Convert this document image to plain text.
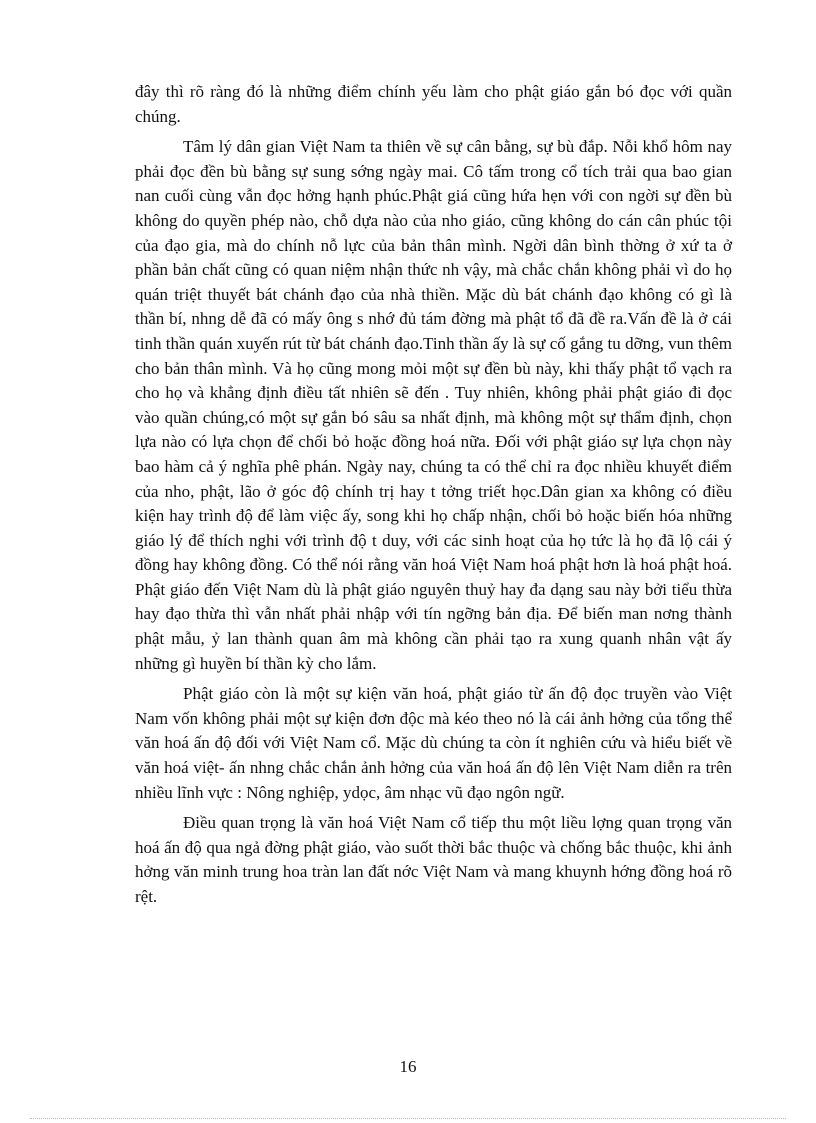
đây thì rõ ràng đó là những điểm chính yếu làm cho phật giáo gắn bó đọc với quần chúng.

Tâm lý dân gian Việt Nam ta thiên về sự cân bằng, sự bù đắp. Nỗi khổ hôm nay phải đọc đền bù bằng sự sung sớng ngày mai. Cô tấm trong cổ tích trải qua bao gian nan cuối cùng vẫn đọc hởng hạnh phúc.Phật giá cũng hứa hẹn với con ngời sự đền bù không do quyền phép nào, chỗ dựa nào của nho giáo, cũng không do cán cân phúc tội của đạo gia, mà do chính nỗ lực của bản thân mình. Ngời dân bình thờng ở xứ ta ở phần bản chất cũng có quan niệm nhận thức nh vậy, mà chắc chắn không phải vì do họ quán triệt thuyết bát chánh đạo của nhà thiền. Mặc dù bát chánh đạo không có gì là thần bí, nhng dễ đã có mấy ông s nhớ đủ tám đờng mà phật tổ đã đề ra.Vấn đề là ở cái tinh thần quán xuyến rút từ bát chánh đạo.Tinh thần ấy là sự cố gắng tu dỡng, vun thêm cho bản thân mình. Và họ cũng mong mỏi một sự đền bù này, khi thấy phật tổ vạch ra cho họ và khẳng định điều tất nhiên sẽ đến . Tuy nhiên, không phải phật giáo đi đọc vào quần chúng,có một sự gắn bó sâu sa nhất định, mà không một sự thẩm định, chọn lựa nào có lựa chọn để chối bỏ hoặc đồng hoá nữa. Đối với phật giáo sự lựa chọn này bao hàm cả ý nghĩa phê phán. Ngày nay, chúng ta có thể chỉ ra đọc nhiều khuyết điểm của nho, phật, lão ở góc độ chính trị hay t tởng triết học.Dân gian xa không có điều kiện hay trình độ để làm việc ấy, song khi họ chấp nhận, chối bỏ hoặc biến hóa những giáo lý để thích nghi với trình độ t duy, với các sinh hoạt của họ tức là họ đã lộ cái ý đồng hay không đồng. Có thể nói rằng văn hoá Việt Nam hoá phật hơn là hoá phật hoá. Phật giáo đến Việt Nam dù là phật giáo nguyên thuỷ hay đa dạng sau này bởi tiểu thừa hay đạo thừa thì vẫn nhất phải nhập với tín ngỡng bản địa. Để biến man nơng thành phật mẫu, ỷ lan thành quan âm mà không cần phải tạo ra xung quanh nhân vật ấy những gì huyền bí thần kỳ cho lắm.

Phật giáo còn là một sự kiện văn hoá, phật giáo từ ấn độ đọc truyền vào Việt Nam vốn không phải một sự kiện đơn độc mà kéo theo nó là cái ảnh hởng của tổng thể văn hoá ấn độ đối với Việt Nam cổ. Mặc dù chúng ta còn ít nghiên cứu và hiểu biết về văn hoá việt- ấn nhng chắc chắn ảnh hởng của văn hoá ấn độ lên Việt Nam diễn ra trên nhiều lĩnh vực : Nông nghiệp, ydọc, âm nhạc vũ đạo ngôn ngữ.

Điều quan trọng là văn hoá Việt Nam cổ tiếp thu một liều lợng quan trọng văn hoá ấn độ qua ngả đờng phật giáo, vào suốt thời bắc thuộc và chống bắc thuộc, khi ảnh hởng văn minh trung hoa tràn lan đất nớc Việt Nam và mang khuynh hớng đồng hoá rõ rệt.

16
